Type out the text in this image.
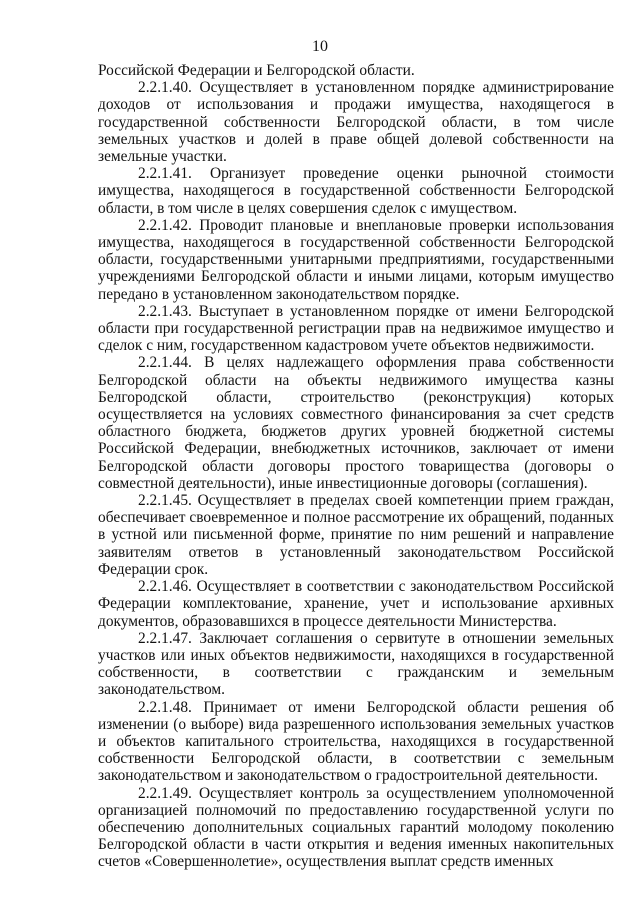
10

Российской Федерации и Белгородской области.

2.2.1.40. Осуществляет в установленном порядке администрирование доходов от использования и продажи имущества, находящегося в государственной собственности Белгородской области, в том числе земельных участков и долей в праве общей долевой собственности на земельные участки.

2.2.1.41. Организует проведение оценки рыночной стоимости имущества, находящегося в государственной собственности Белгородской области, в том числе в целях совершения сделок с имуществом.

2.2.1.42. Проводит плановые и внеплановые проверки использования имущества, находящегося в государственной собственности Белгородской области, государственными унитарными предприятиями, государственными учреждениями Белгородской области и иными лицами, которым имущество передано в установленном законодательством порядке.

2.2.1.43. Выступает в установленном порядке от имени Белгородской области при государственной регистрации прав на недвижимое имущество и сделок с ним, государственном кадастровом учете объектов недвижимости.

2.2.1.44. В целях надлежащего оформления права собственности Белгородской области на объекты недвижимого имущества казны Белгородской области, строительство (реконструкция) которых осуществляется на условиях совместного финансирования за счет средств областного бюджета, бюджетов других уровней бюджетной системы Российской Федерации, внебюджетных источников, заключает от имени Белгородской области договоры простого товарищества (договоры о совместной деятельности), иные инвестиционные договоры (соглашения).

2.2.1.45. Осуществляет в пределах своей компетенции прием граждан, обеспечивает своевременное и полное рассмотрение их обращений, поданных в устной или письменной форме, принятие по ним решений и направление заявителям ответов в установленный законодательством Российской Федерации срок.

2.2.1.46. Осуществляет в соответствии с законодательством Российской Федерации комплектование, хранение, учет и использование архивных документов, образовавшихся в процессе деятельности Министерства.

2.2.1.47. Заключает соглашения о сервитуте в отношении земельных участков или иных объектов недвижимости, находящихся в государственной собственности, в соответствии с гражданским и земельным законодательством.

2.2.1.48. Принимает от имени Белгородской области решения об изменении (о выборе) вида разрешенного использования земельных участков и объектов капитального строительства, находящихся в государственной собственности Белгородской области, в соответствии с земельным законодательством и законодательством о градостроительной деятельности.

2.2.1.49. Осуществляет контроль за осуществлением уполномоченной организацией полномочий по предоставлению государственной услуги по обеспечению дополнительных социальных гарантий молодому поколению Белгородской области в части открытия и ведения именных накопительных счетов «Совершеннолетие», осуществления выплат средств именных
